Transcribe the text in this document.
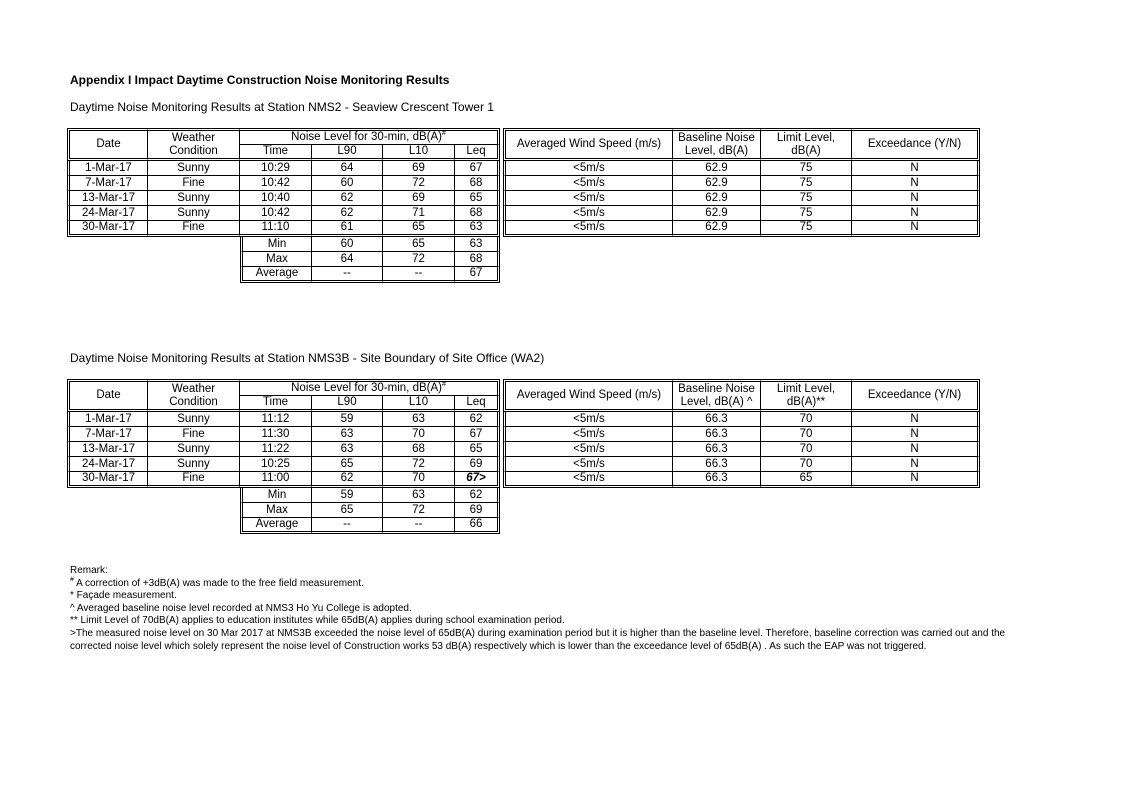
Appendix I Impact Daytime Construction Noise Monitoring Results
Daytime Noise Monitoring Results at Station NMS2 - Seaview Crescent Tower 1
Daytime Noise Monitoring Results at Station NMS3B - Site Boundary of Site Office (WA2)
Date	Weather	Noise Level for 30-min, dB(A)#					Averaged Wind Speed (m/s)	Baseline Noise	Limit Level,	Exceedance (Y/N)
	Condition	Time	L90	L10	Leq			Level, dB(A)	dB(A)	
1-Mar-17	Sunny	10:29	64	69	67		<5m/s	62.9	75	N
7-Mar-17	Fine	10:42	60	72	68		<5m/s	62.9	75	N
13-Mar-17	Sunny	10:40	62	69	65		<5m/s	62.9	75	N
24-Mar-17	Sunny	10:42	62	71	68		<5m/s	62.9	75	N
30-Mar-17	Fine	11:10	61	65	63		<5m/s	62.9	75	N
		Min	60	65	63					
		Max	64	72	68					
		Average	--	--	67					
Date	Weather	Noise Level for 30-min, dB(A)#					Averaged Wind Speed (m/s)	Baseline Noise	Limit Level,	Exceedance (Y/N)
	Condition	Time	L90	L10	Leq			Level, dB(A) ^	dB(A)**	
1-Mar-17	Sunny	11:12	59	63	62		<5m/s	66.3	70	N
7-Mar-17	Fine	11:30	63	70	67		<5m/s	66.3	70	N
13-Mar-17	Sunny	11:22	63	68	65		<5m/s	66.3	70	N
24-Mar-17	Sunny	10:25	65	72	69		<5m/s	66.3	70	N
30-Mar-17	Fine	11:00	62	70	67>		<5m/s	66.3	65	N
		Min	59	63	62					
		Max	65	72	69					
		Average	--	--	66					
Remark:
# A correction of +3dB(A) was made to the free field measurement.
* Façade measurement.
^ Averaged baseline noise level recorded at NMS3 Ho Yu College is adopted.
** Limit Level of 70dB(A) applies to education institutes while 65dB(A) applies during school examination period.
>The measured noise level on 30 Mar 2017 at NMS3B exceeded the noise level of 65dB(A) during examination period but it is higher than the baseline level. Therefore, baseline correction was carried out and the corrected noise level which solely represent the noise level of Construction works 53 dB(A) respectively which is lower than the exceedance level of 65dB(A) . As such the EAP was not triggered.
